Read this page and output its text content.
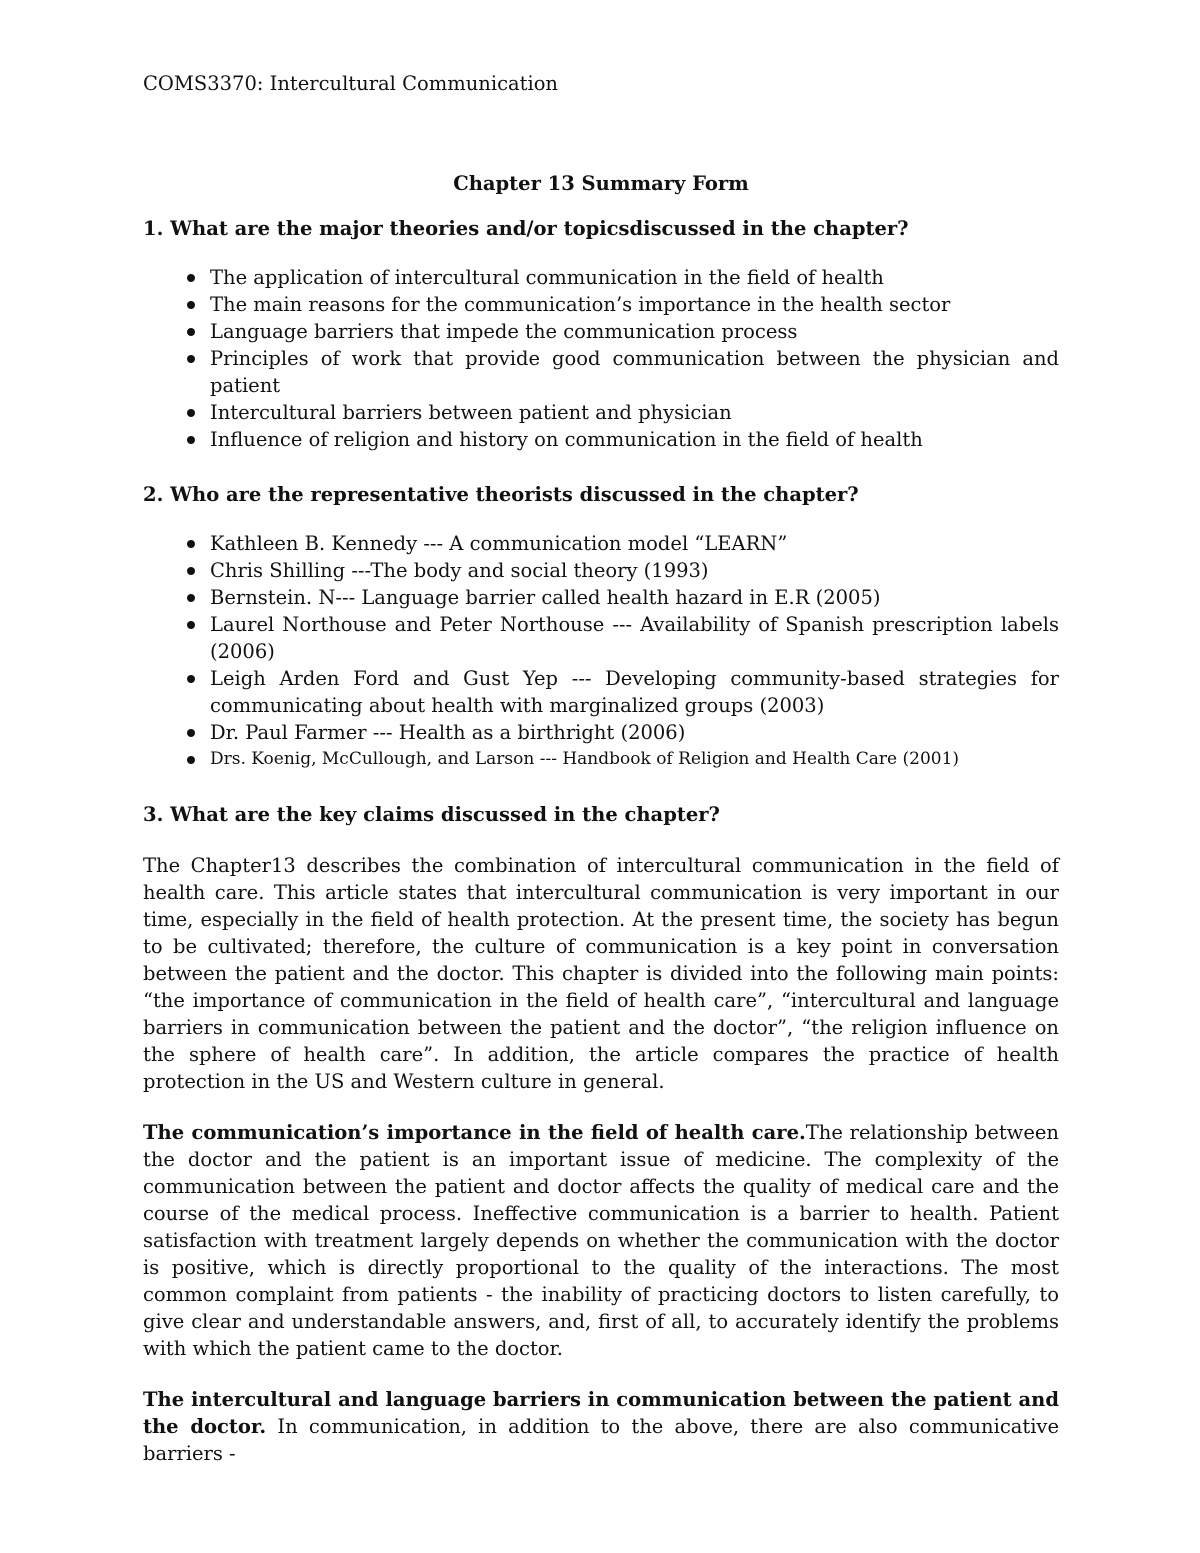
COMS3370: Intercultural Communication

Chapter 13 Summary Form

1. What are the major theories and/or topicsdiscussed in the chapter?

The application of intercultural communication in the field of health
The main reasons for the communication’s importance in the health sector
Language barriers that impede the communication process
Principles of work that provide good communication between the physician and patient
Intercultural barriers between patient and physician
Influence of religion and history on communication in the field of health

2. Who are the representative theorists discussed in the chapter?

Kathleen B. Kennedy --- A communication model “LEARN”
Chris Shilling ---The body and social theory (1993)
Bernstein. N--- Language barrier called health hazard in E.R (2005)
Laurel Northouse and Peter Northouse --- Availability of Spanish prescription labels (2006)
Leigh Arden Ford and Gust Yep --- Developing community-based strategies for communicating about health with marginalized groups (2003)
Dr. Paul Farmer --- Health as a birthright (2006)
Drs. Koenig, McCullough, and Larson --- Handbook of Religion and Health Care (2001)

3. What are the key claims discussed in the chapter?

The Chapter13 describes the combination of intercultural communication in the field of health care. This article states that intercultural communication is very important in our time, especially in the field of health protection. At the present time, the society has begun to be cultivated; therefore, the culture of communication is a key point in conversation between the patient and the doctor. This chapter is divided into the following main points: “the importance of communication in the field of health care”, “intercultural and language barriers in communication between the patient and the doctor”, “the religion influence on the sphere of health care”. In addition, the article compares the practice of health protection in the US and Western culture in general.

The communication’s importance in the field of health care.The relationship between the doctor and the patient is an important issue of medicine. The complexity of the communication between the patient and doctor affects the quality of medical care and the course of the medical process. Ineffective communication is a barrier to health. Patient satisfaction with treatment largely depends on whether the communication with the doctor is positive, which is directly proportional to the quality of the interactions. The most common complaint from patients - the inability of practicing doctors to listen carefully, to give clear and understandable answers, and, first of all, to accurately identify the problems with which the patient came to the doctor.

The intercultural and language barriers in communication between the patient and the doctor. In communication, in addition to the above, there are also communicative barriers -
